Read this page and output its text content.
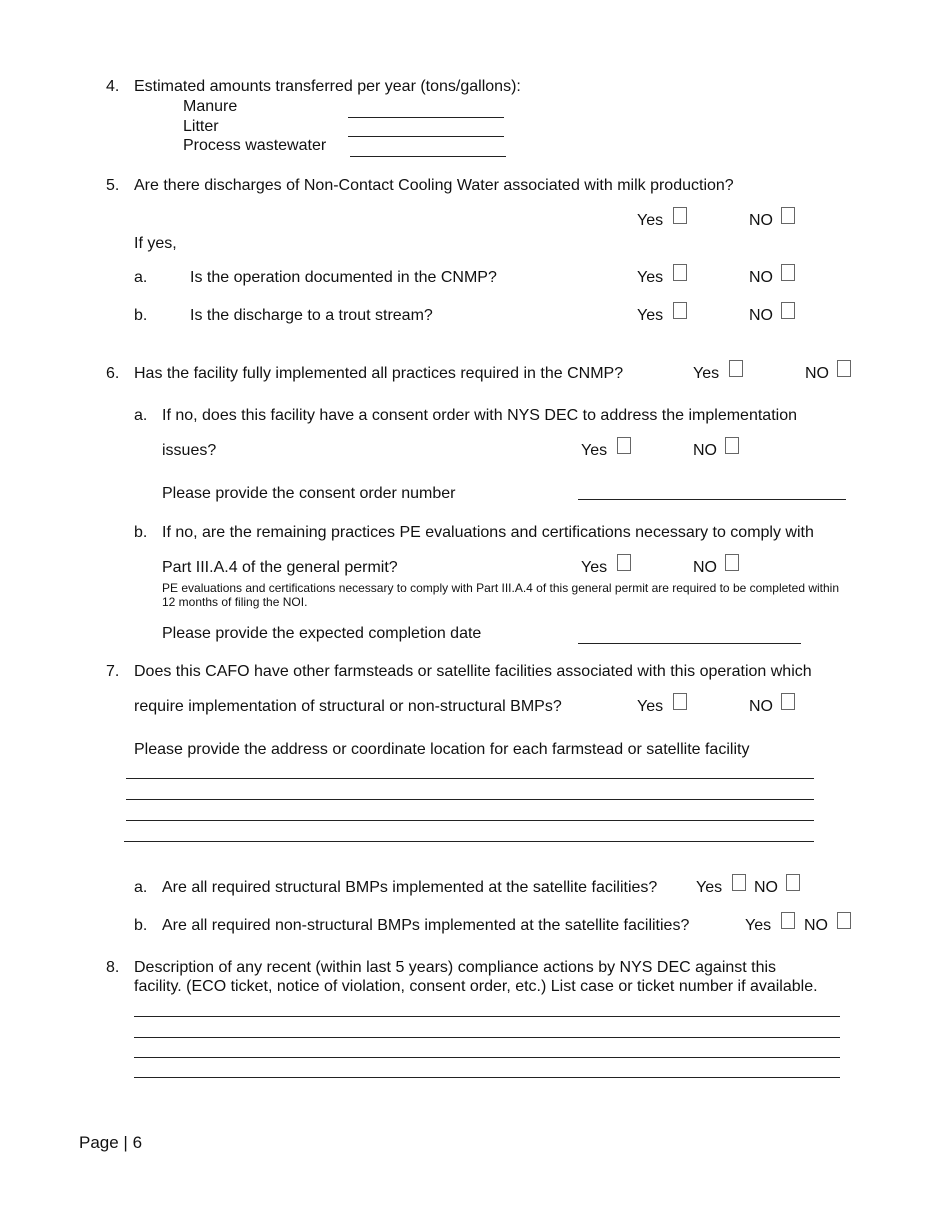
4. Estimated amounts transferred per year (tons/gallons):
Manure
Litter
Process wastewater
5. Are there discharges of Non-Contact Cooling Water associated with milk production?
Yes	NO
If yes,
a.	Is the operation documented in the CNMP?	Yes	NO
b.	Is the discharge to a trout stream?	Yes	NO
6. Has the facility fully implemented all practices required in the CNMP?	Yes	NO
a. If no, does this facility have a consent order with NYS DEC to address the implementation
issues?	Yes	NO
Please provide the consent order number
b. If no, are the remaining practices PE evaluations and certifications necessary to comply with
Part III.A.4 of the general permit?	Yes	NO
PE evaluations and certifications necessary to comply with Part III.A.4 of this general permit are required to be completed within
12 months of filing the NOI.
Please provide the expected completion date
7. Does this CAFO have other farmsteads or satellite facilities associated with this operation which
require implementation of structural or non-structural BMPs?	Yes	NO
Please provide the address or coordinate location for each farmstead or satellite facility
a. Are all required structural BMPs implemented at the satellite facilities? Yes NO
b. Are all required non-structural BMPs implemented at the satellite facilities?	Yes NO
8. Description of any recent (within last 5 years) compliance actions by NYS DEC against this
facility. (ECO ticket, notice of violation, consent order, etc.) List case or ticket number if available.
Page | 6
